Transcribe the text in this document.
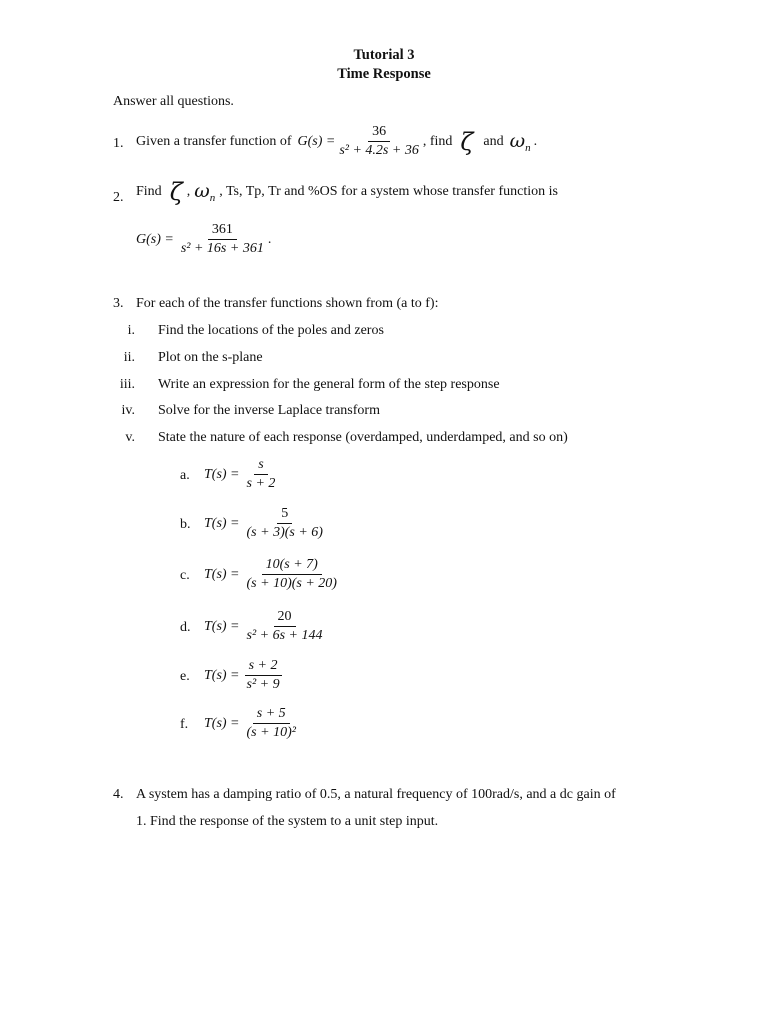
Tutorial 3
Time Response
Answer all questions.
1. Given a transfer function of $G(s) = \frac{36}{\text{s² + 4.2s + 36}}$ , find ζ and $\omega_n$ .
2. Find ζ , $\omega_n$ , Ts, Tp, Tr and %OS for a system whose transfer function is
$G(s) = \frac{361}{\text{s² + 16s + 361}}$ .
3. For each of the transfer functions shown from (a to f):
i. Find the locations of the poles and zeros
ii. Plot on the s-plane
iii. Write an expression for the general form of the step response
iv. Solve for the inverse Laplace transform
v. State the nature of each response (overdamped, underdamped, and so on)
a. $T(s) = \frac{s}{s + 2}$
b. $T(s) = \frac{5}{(s + 3)(s + 6)}$
c. $T(s) = \frac{10(s + 7)}{(s + 10)(s + 20)}$
d. $T(s) = \frac{20}{\text{s² + 6s + 144}}$
e. $T(s) = \frac{s + 2}{\text{s² + 9}}$
f. $T(s) = \frac{s + 5}{\text{(s + 10)²}}$
4. A system has a damping ratio of 0.5, a natural frequency of 100rad/s, and a dc gain of
1. Find the response of the system to a unit step input.
